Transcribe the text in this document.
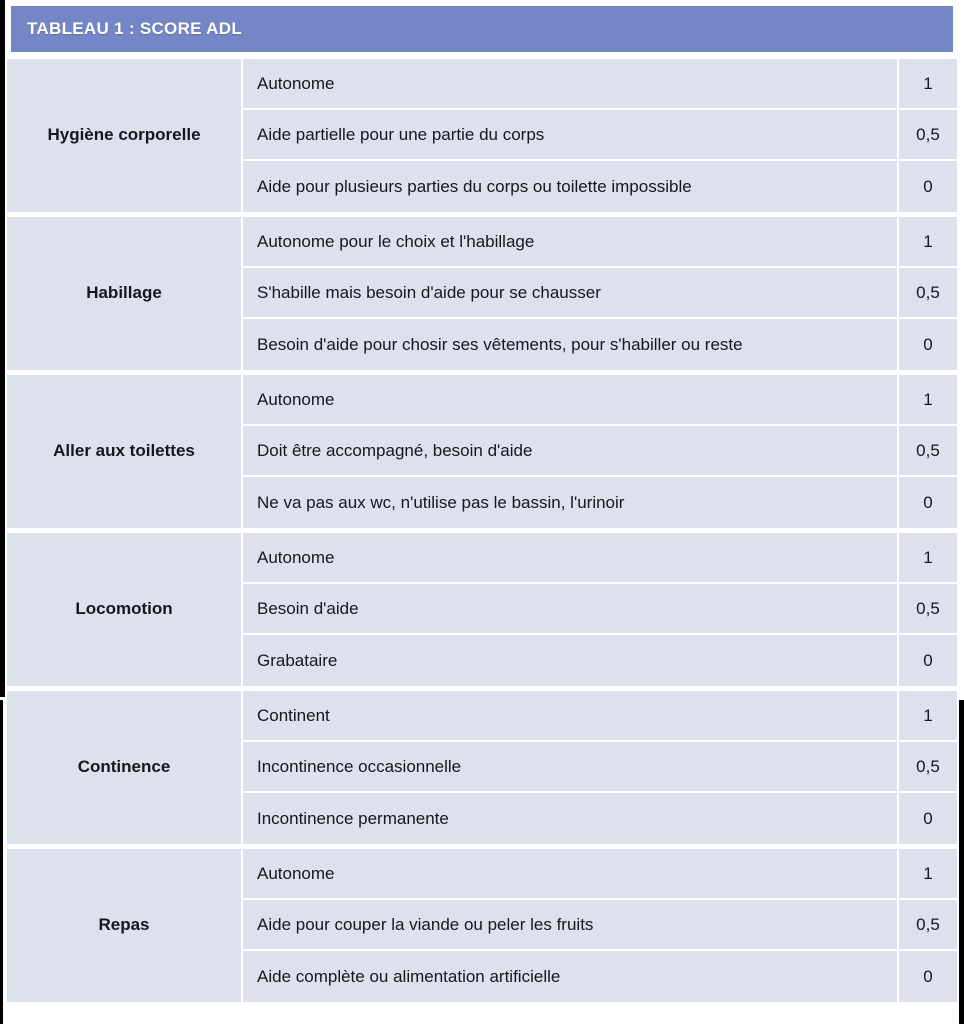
TABLEAU 1 : SCORE ADL
Hygiène corporelle
Autonome	1
Aide partielle pour une partie du corps	0,5
Aide pour plusieurs parties du corps ou toilette impossible	0
Habillage
Autonome pour le choix et l'habillage	1
S'habille mais besoin d'aide pour se chausser	0,5
Besoin d'aide pour chosir ses vêtements, pour s'habiller ou reste	0
Aller aux toilettes
Autonome	1
Doit être accompagné, besoin d'aide	0,5
Ne va pas aux wc, n'utilise pas le bassin, l'urinoir	0
Locomotion
Autonome	1
Besoin d'aide	0,5
Grabataire	0
Continence
Continent	1
Incontinence occasionnelle	0,5
Incontinence permanente	0
Repas
Autonome	1
Aide pour couper la viande ou peler les fruits	0,5
Aide complète ou alimentation artificielle	0
